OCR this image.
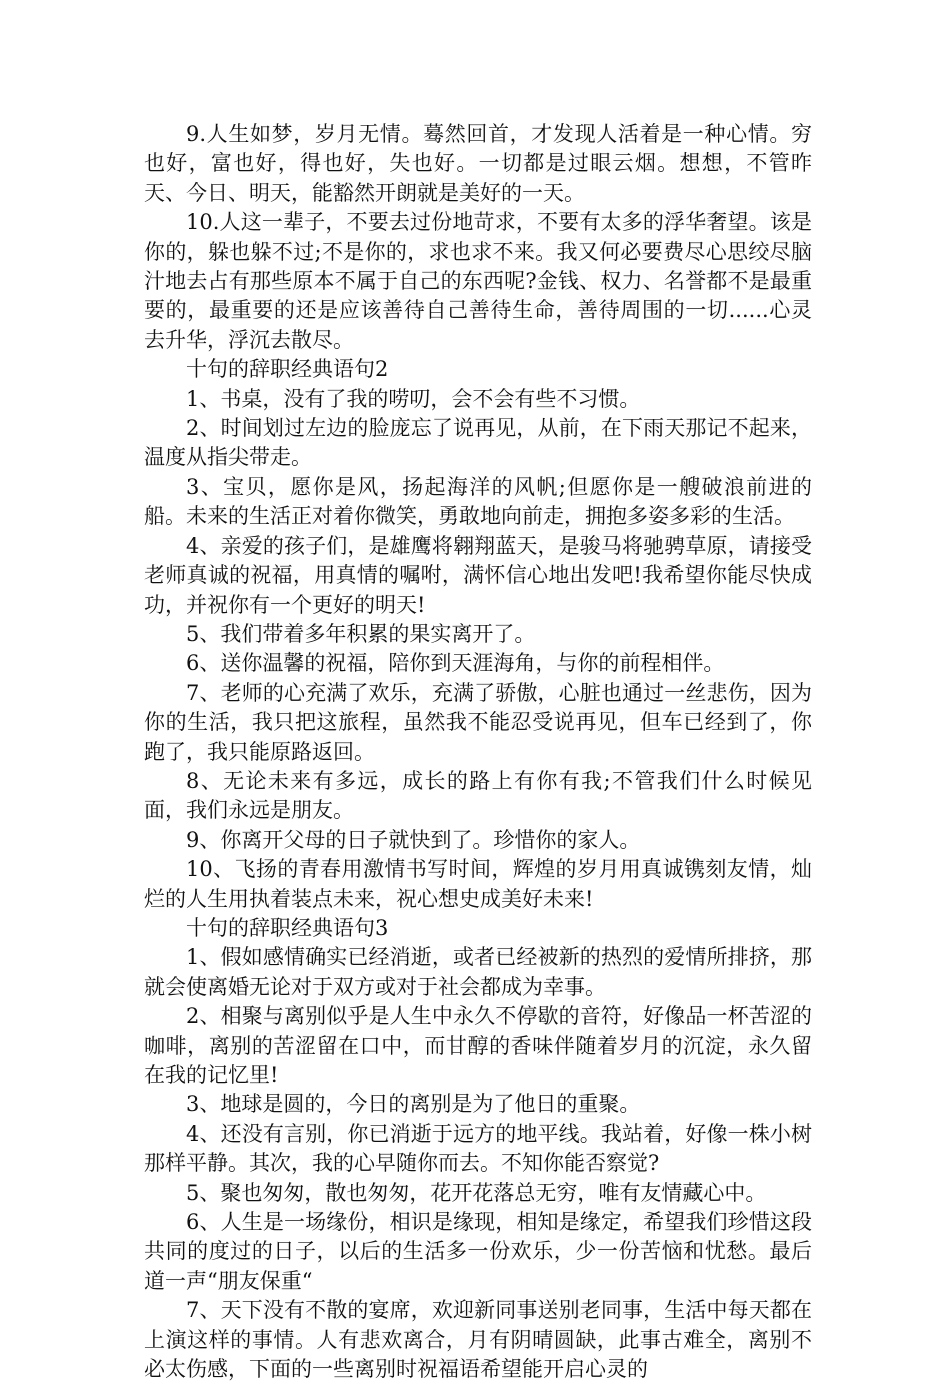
9.人生如梦，岁月无情。蓦然回首，才发现人活着是一种心情。穷也好，富也好，得也好，失也好。一切都是过眼云烟。想想，不管昨天、今日、明天，能豁然开朗就是美好的一天。

10.人这一辈子，不要去过份地苛求，不要有太多的浮华奢望。该是你的，躲也躲不过;不是你的，求也求不来。我又何必要费尽心思绞尽脑汁地去占有那些原本不属于自己的东西呢?金钱、权力、名誉都不是最重要的，最重要的还是应该善待自己善待生命，善待周围的一切......心灵去升华，浮沉去散尽。

十句的辞职经典语句2

1、书桌，没有了我的唠叨，会不会有些不习惯。

2、时间划过左边的脸庞忘了说再见，从前，在下雨天那记不起来，温度从指尖带走。

3、宝贝，愿你是风，扬起海洋的风帆;但愿你是一艘破浪前进的船。未来的生活正对着你微笑，勇敢地向前走，拥抱多姿多彩的生活。

4、亲爱的孩子们，是雄鹰将翱翔蓝天，是骏马将驰骋草原，请接受老师真诚的祝福，用真情的嘱咐，满怀信心地出发吧!我希望你能尽快成功，并祝你有一个更好的明天!

5、我们带着多年积累的果实离开了。

6、送你温馨的祝福，陪你到天涯海角，与你的前程相伴。

7、老师的心充满了欢乐，充满了骄傲，心脏也通过一丝悲伤，因为你的生活，我只把这旅程，虽然我不能忍受说再见，但车已经到了，你跑了，我只能原路返回。

8、无论未来有多远，成长的路上有你有我;不管我们什么时候见面，我们永远是朋友。

9、你离开父母的日子就快到了。珍惜你的家人。

10、飞扬的青春用激情书写时间，辉煌的岁月用真诚镌刻友情，灿烂的人生用执着装点未来，祝心想史成美好未来!

十句的辞职经典语句3

1、假如感情确实已经消逝，或者已经被新的热烈的爱情所排挤，那就会使离婚无论对于双方或对于社会都成为幸事。

2、相聚与离别似乎是人生中永久不停歇的音符，好像品一杯苦涩的咖啡，离别的苦涩留在口中，而甘醇的香味伴随着岁月的沉淀，永久留在我的记忆里!

3、地球是圆的，今日的离别是为了他日的重聚。

4、还没有言别，你已消逝于远方的地平线。我站着，好像一株小树那样平静。其次，我的心早随你而去。不知你能否察觉?

5、聚也匆匆，散也匆匆，花开花落总无穷，唯有友情藏心中。

6、人生是一场缘份，相识是缘现，相知是缘定，希望我们珍惜这段共同的度过的日子，以后的生活多一份欢乐，少一份苦恼和忧愁。最后道一声“朋友保重“

7、天下没有不散的宴席，欢迎新同事送别老同事，生活中每天都在上演这样的事情。人有悲欢离合，月有阴晴圆缺，此事古难全，离别不必太伤感，下面的一些离别时祝福语希望能开启心灵的
